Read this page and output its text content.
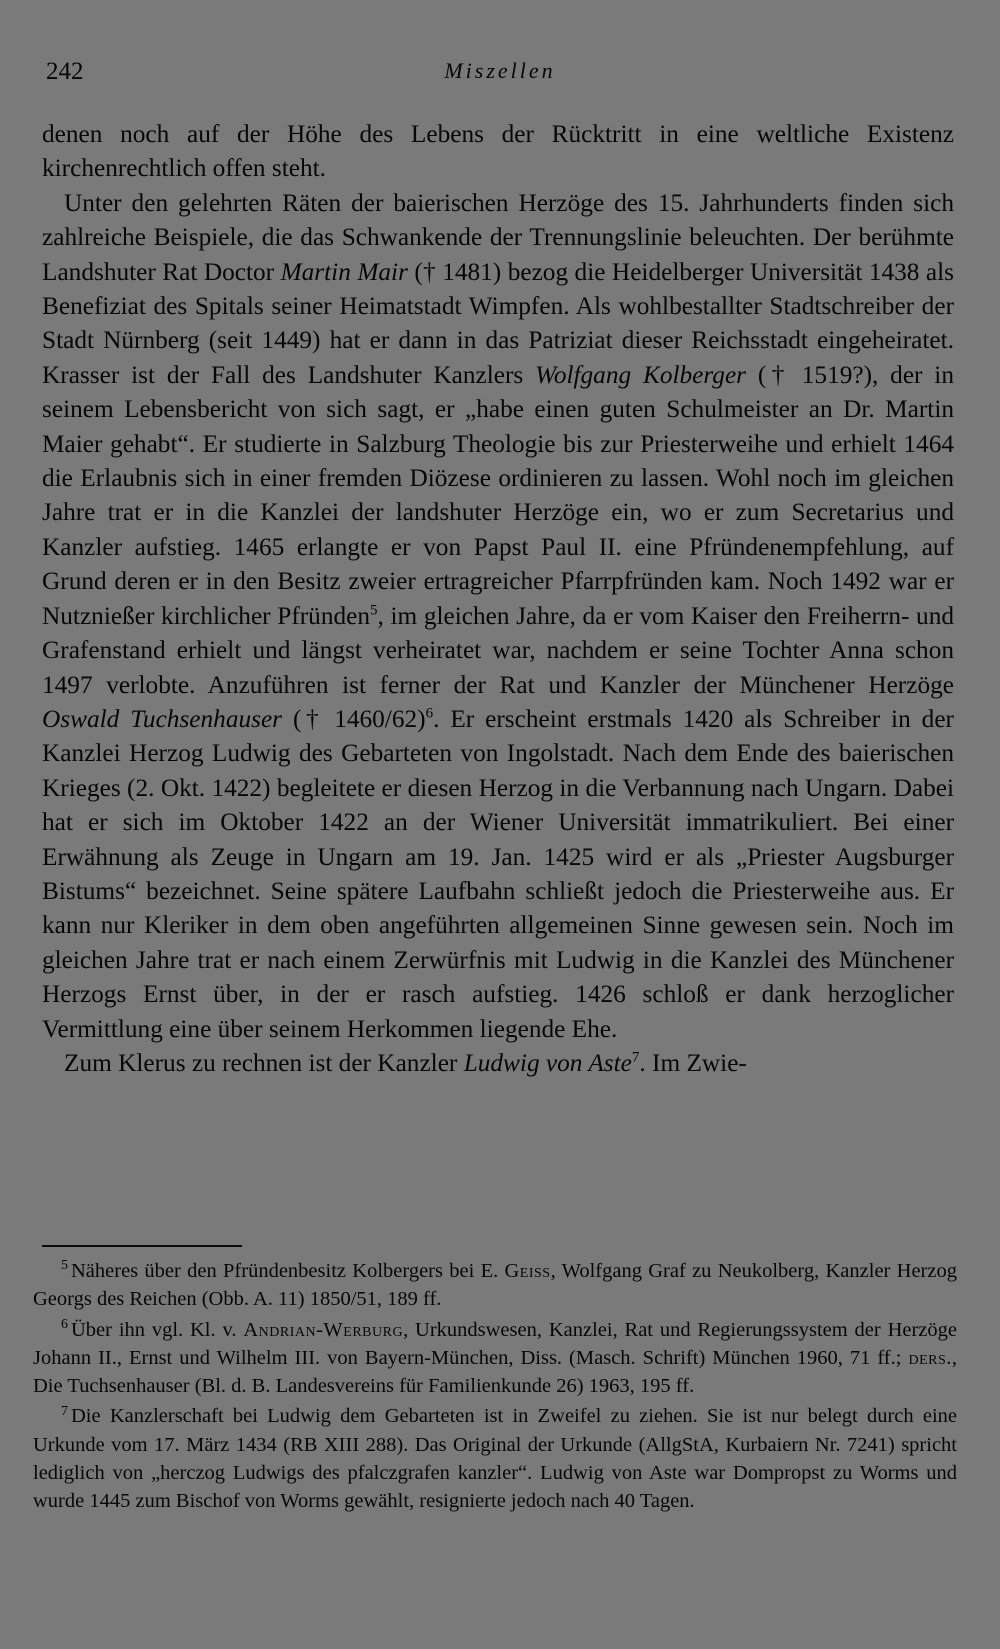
242	Miszellen

denen noch auf der Höhe des Lebens der Rücktritt in eine weltliche Existenz kirchenrechtlich offen steht.

Unter den gelehrten Räten der baierischen Herzöge des 15. Jahrhunderts finden sich zahlreiche Beispiele, die das Schwankende der Trennungslinie beleuchten. Der berühmte Landshuter Rat Doctor Martin Mair († 1481) bezog die Heidelberger Universität 1438 als Benefiziat des Spitals seiner Heimatstadt Wimpfen. Als wohlbestallter Stadtschreiber der Stadt Nürnberg (seit 1449) hat er dann in das Patriziat dieser Reichsstadt eingeheiratet. Krasser ist der Fall des Landshuter Kanzlers Wolfgang Kolberger († 1519?), der in seinem Lebensbericht von sich sagt, er „habe einen guten Schulmeister an Dr. Martin Maier gehabt“. Er studierte in Salzburg Theologie bis zur Priesterweihe und erhielt 1464 die Erlaubnis sich in einer fremden Diözese ordinieren zu lassen. Wohl noch im gleichen Jahre trat er in die Kanzlei der landshuter Herzöge ein, wo er zum Secretarius und Kanzler aufstieg. 1465 erlangte er von Papst Paul II. eine Pfründenempfehlung, auf Grund deren er in den Besitz zweier ertragreicher Pfarrpfründen kam. Noch 1492 war er Nutznießer kirchlicher Pfründen$^5$, im gleichen Jahre, da er vom Kaiser den Freiherrn- und Grafenstand erhielt und längst verheiratet war, nachdem er seine Tochter Anna schon 1497 verlobte. Anzuführen ist ferner der Rat und Kanzler der Münchener Herzöge Oswald Tuchsenhauser († 1460/62)$^6$. Er erscheint erstmals 1420 als Schreiber in der Kanzlei Herzog Ludwig des Gebarteten von Ingolstadt. Nach dem Ende des baierischen Krieges (2. Okt. 1422) begleitete er diesen Herzog in die Verbannung nach Ungarn. Dabei hat er sich im Oktober 1422 an der Wiener Universität immatrikuliert. Bei einer Erwähnung als Zeuge in Ungarn am 19. Jan. 1425 wird er als „Priester Augsburger Bistums“ bezeichnet. Seine spätere Laufbahn schließt jedoch die Priesterweihe aus. Er kann nur Kleriker in dem oben angeführten allgemeinen Sinne gewesen sein. Noch im gleichen Jahre trat er nach einem Zerwürfnis mit Ludwig in die Kanzlei des Münchener Herzogs Ernst über, in der er rasch aufstieg. 1426 schloß er dank herzoglicher Vermittlung eine über seinem Herkommen liegende Ehe.

Zum Klerus zu rechnen ist der Kanzler Ludwig von Aste$^7$. Im Zwie-

$^5$ Näheres über den Pfründenbesitz Kolbergers bei E. Geiss, Wolfgang Graf zu Neukolberg, Kanzler Herzog Georgs des Reichen (Obb. A. 11) 1850/51, 189 ff.

$^6$ Über ihn vgl. Kl. v. Andrian-Werburg, Urkundswesen, Kanzlei, Rat und Regierungssystem der Herzöge Johann II., Ernst und Wilhelm III. von Bayern-München, Diss. (Masch. Schrift) München 1960, 71 ff.; ders., Die Tuchsenhauser (Bl. d. B. Landesvereins für Familienkunde 26) 1963, 195 ff.

$^7$ Die Kanzlerschaft bei Ludwig dem Gebarteten ist in Zweifel zu ziehen. Sie ist nur belegt durch eine Urkunde vom 17. März 1434 (RB XIII 288). Das Original der Urkunde (AllgStA, Kurbaiern Nr. 7241) spricht lediglich von „herczog Ludwigs des pfalczgrafen kanzler“. Ludwig von Aste war Dompropst zu Worms und wurde 1445 zum Bischof von Worms gewählt, resignierte jedoch nach 40 Tagen.
